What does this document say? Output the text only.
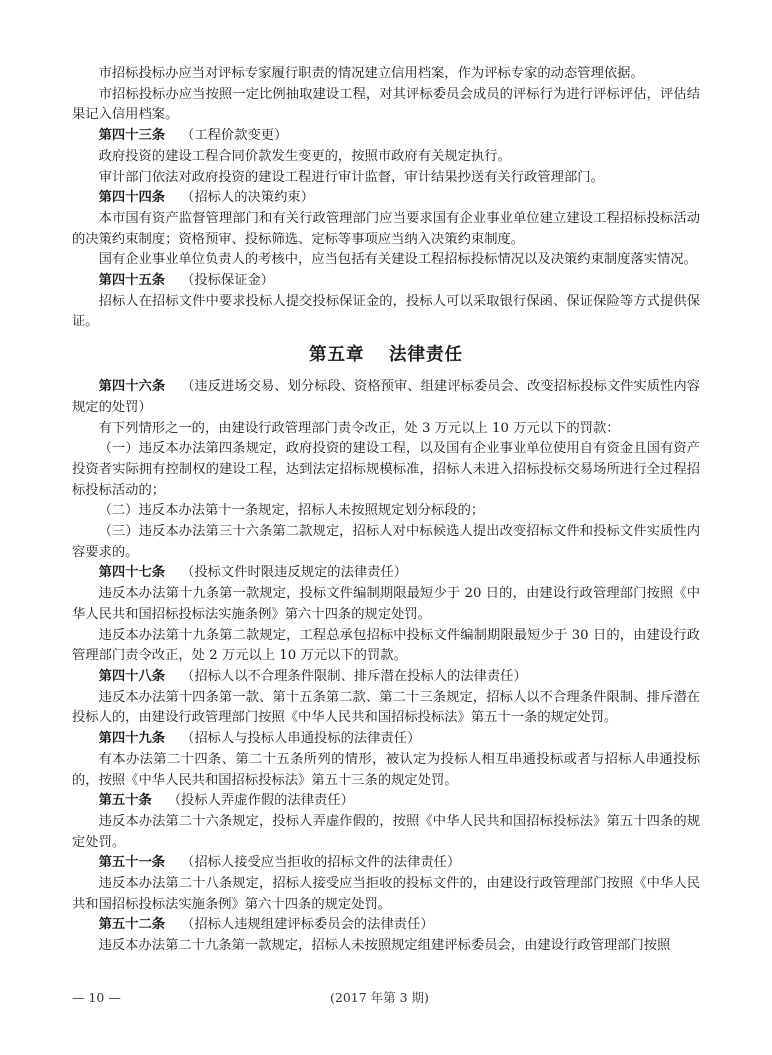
市招标投标办应当对评标专家履行职责的情况建立信用档案，作为评标专家的动态管理依据。

市招标投标办应当按照一定比例抽取建设工程，对其评标委员会成员的评标行为进行评标评估，评估结果记入信用档案。

第四十三条 （工程价款变更）

政府投资的建设工程合同价款发生变更的，按照市政府有关规定执行。

审计部门依法对政府投资的建设工程进行审计监督，审计结果抄送有关行政管理部门。

第四十四条 （招标人的决策约束）

本市国有资产监督管理部门和有关行政管理部门应当要求国有企业事业单位建立建设工程招标投标活动的决策约束制度；资格预审、投标筛选、定标等事项应当纳入决策约束制度。

国有企业事业单位负责人的考核中，应当包括有关建设工程招标投标情况以及决策约束制度落实情况。

第四十五条 （投标保证金）

招标人在招标文件中要求投标人提交投标保证金的，投标人可以采取银行保函、保证保险等方式提供保证。

第五章 法律责任

第四十六条 （违反进场交易、划分标段、资格预审、组建评标委员会、改变招标投标文件实质性内容规定的处罚）

有下列情形之一的，由建设行政管理部门责令改正，处 3 万元以上 10 万元以下的罚款：

（一）违反本办法第四条规定，政府投资的建设工程，以及国有企业事业单位使用自有资金且国有资产投资者实际拥有控制权的建设工程，达到法定招标规模标准，招标人未进入招标投标交易场所进行全过程招标投标活动的；

（二）违反本办法第十一条规定，招标人未按照规定划分标段的；

（三）违反本办法第三十六条第二款规定，招标人对中标候选人提出改变招标文件和投标文件实质性内容要求的。

第四十七条 （投标文件时限违反规定的法律责任）

违反本办法第十九条第一款规定，投标文件编制期限最短少于 20 日的，由建设行政管理部门按照《中华人民共和国招标投标法实施条例》第六十四条的规定处罚。

违反本办法第十九条第二款规定，工程总承包招标中投标文件编制期限最短少于 30 日的，由建设行政管理部门责令改正，处 2 万元以上 10 万元以下的罚款。

第四十八条 （招标人以不合理条件限制、排斥潜在投标人的法律责任）

违反本办法第十四条第一款、第十五条第二款、第二十三条规定，招标人以不合理条件限制、排斥潜在投标人的，由建设行政管理部门按照《中华人民共和国招标投标法》第五十一条的规定处罚。

第四十九条 （招标人与投标人串通投标的法律责任）

有本办法第二十四条、第二十五条所列的情形，被认定为投标人相互串通投标或者与招标人串通投标的，按照《中华人民共和国招标投标法》第五十三条的规定处罚。

第五十条 （投标人弄虚作假的法律责任）

违反本办法第二十六条规定，投标人弄虚作假的，按照《中华人民共和国招标投标法》第五十四条的规定处罚。

第五十一条 （招标人接受应当拒收的招标文件的法律责任）

违反本办法第二十八条规定，招标人接受应当拒收的投标文件的，由建设行政管理部门按照《中华人民共和国招标投标法实施条例》第六十四条的规定处罚。

第五十二条 （招标人违规组建评标委员会的法律责任）

违反本办法第二十九条第一款规定，招标人未按照规定组建评标委员会，由建设行政管理部门按照

— 10 —	(2017 年第 3 期)
